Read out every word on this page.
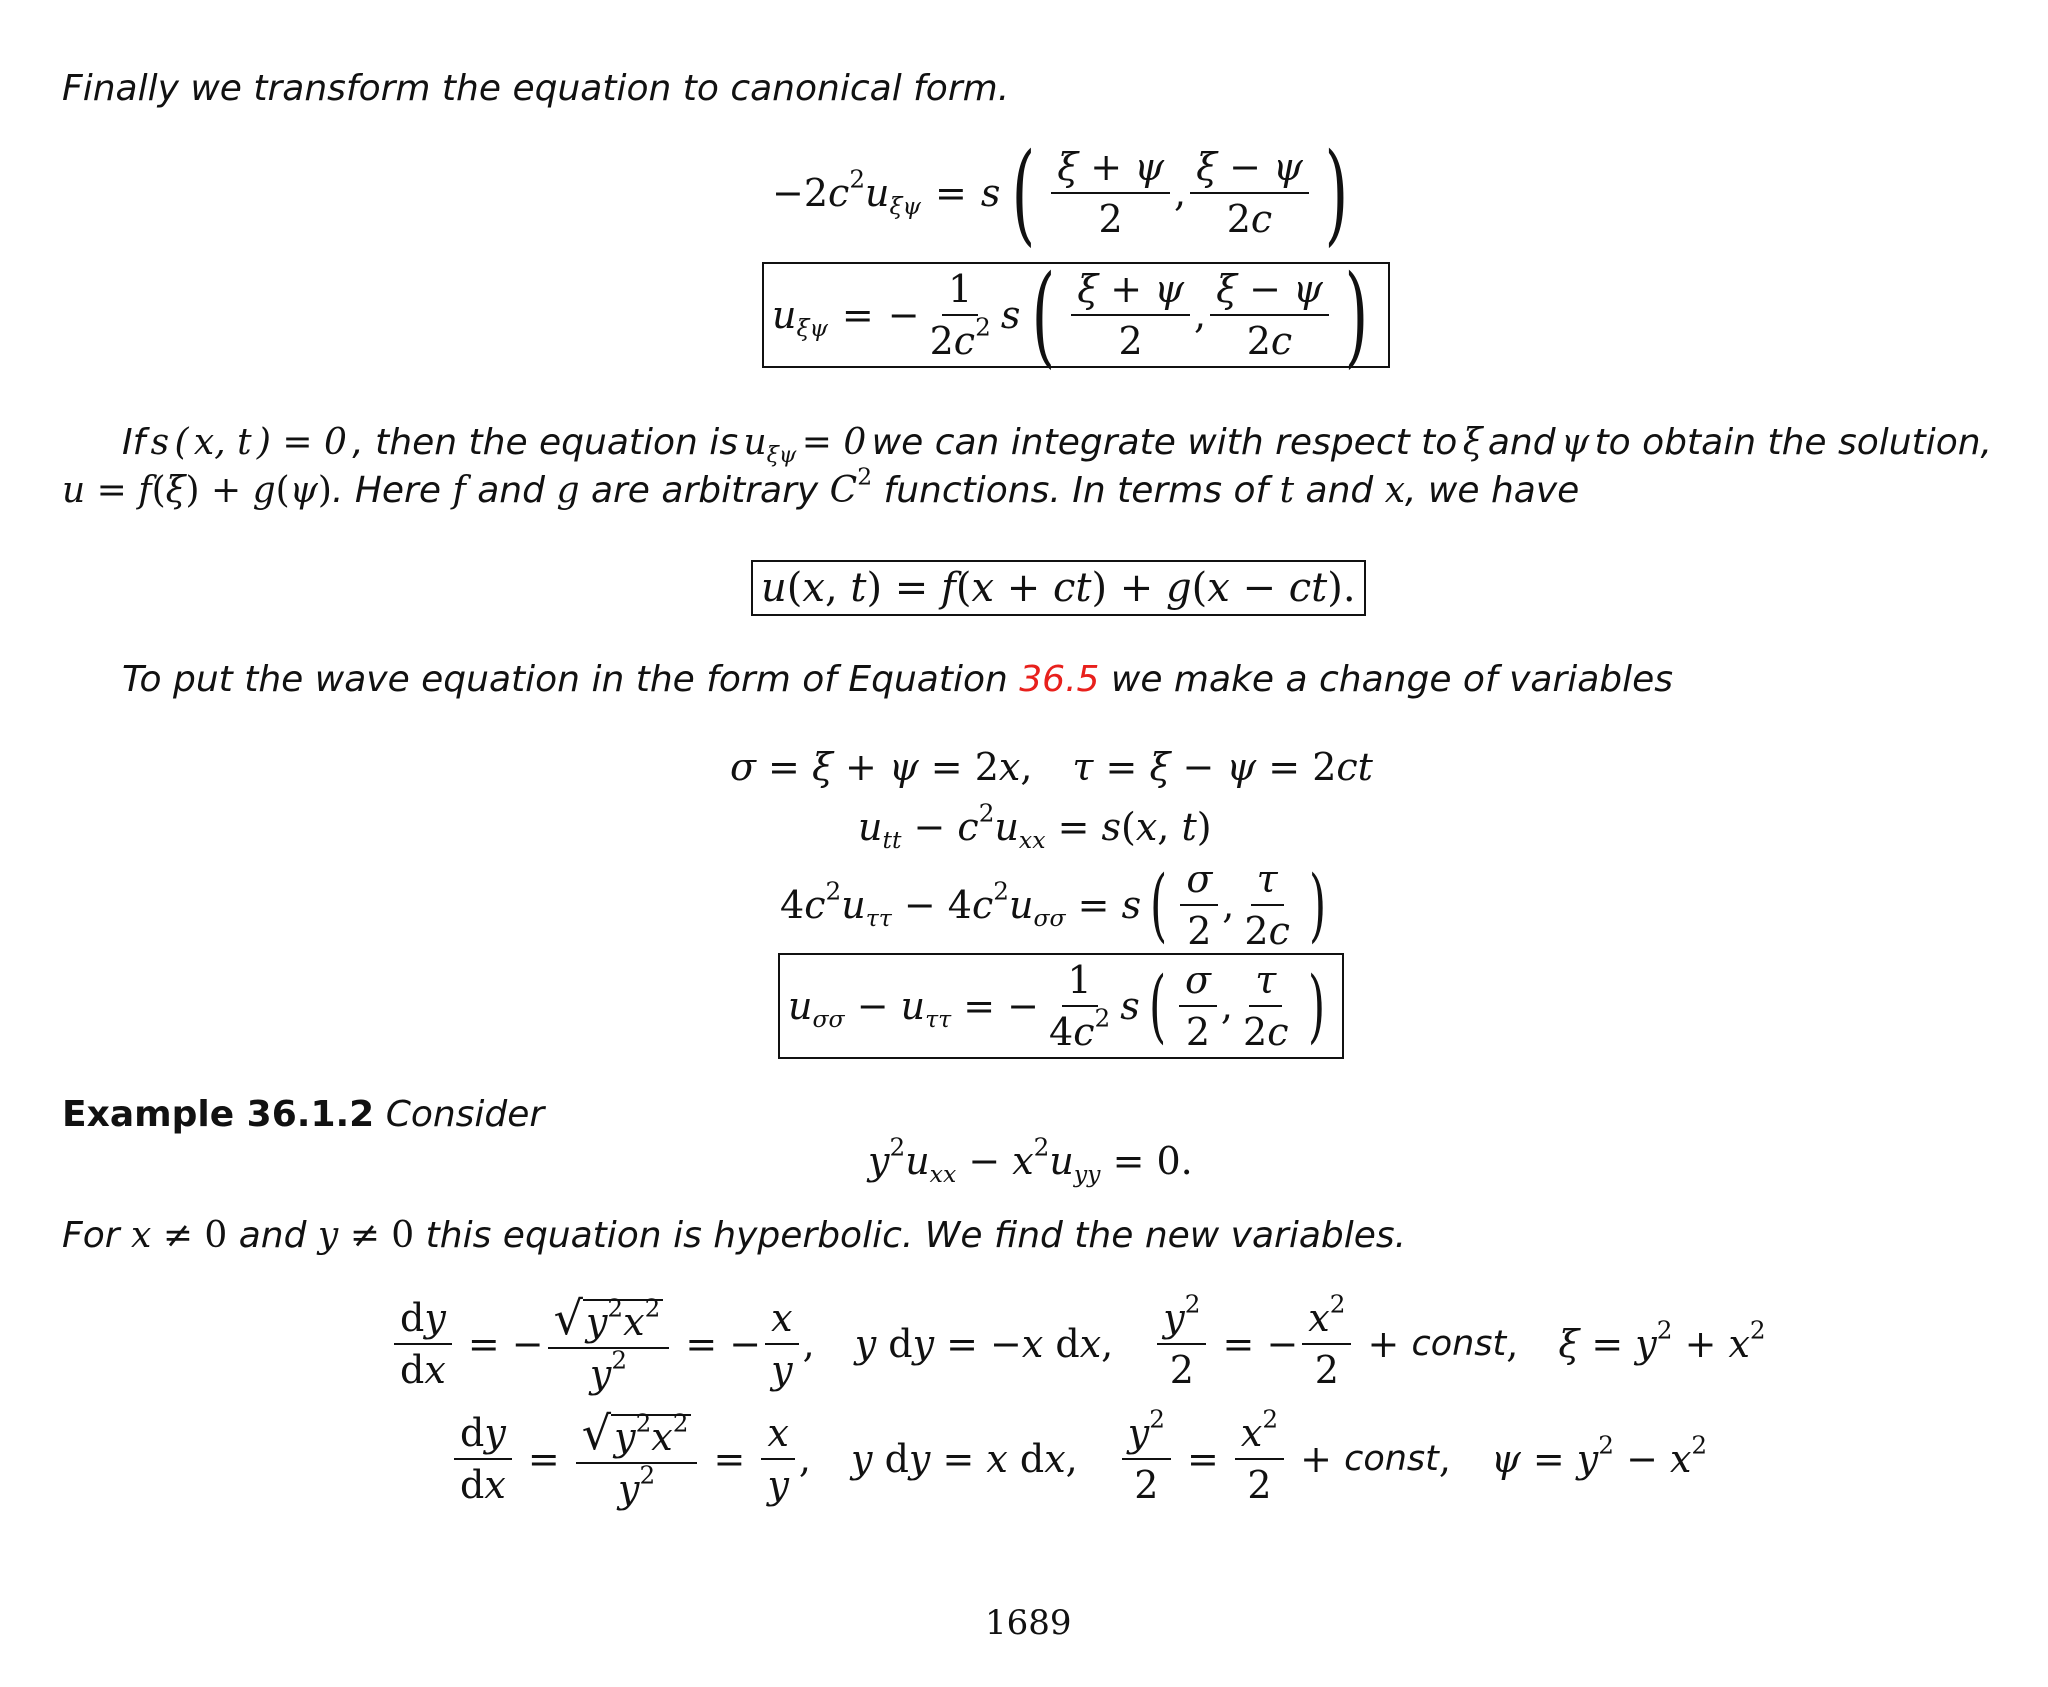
Finally we transform the equation to canonical form.
$-2c^2u_{\xi\psi} = s$ ( $\frac{\xi + \psi}{2}$ , $\frac{\xi - \psi}{2c}$ )
$u_{\xi\psi}$ = − $\frac{1}{2c^2}$ s ( $\frac{\xi + \psi}{2}$ , $\frac{\xi - \psi}{2c}$ )
If s ( x, t ) = 0 , then the equation is $u_{\xi\psi} = 0$ we can integrate with respect to ξ and ψ to obtain the solution,
u = f(ξ) + g(ψ). Here f and g are arbitrary $C^2$ functions. In terms of t and x, we have
u(x, t) = f(x + ct) + g(x − ct).
To put the wave equation in the form of Equation 36.5 we make a change of variables
σ = ξ + ψ = 2x, τ = ξ − ψ = 2ct
$u_{tt} - c^2u_{xx} = s(x$, t)
$4c^2u_{\tau\tau} - 4c^2u_{\sigma\sigma} = s$ ( $\frac{\sigma}{2}$ , $\frac{\tau}{2c}$ )
$u_{\sigma\sigma} - u_{\tau\tau}$ = − $\frac{1}{4c^2}$ s ( $\frac{\sigma}{2}$ , $\frac{\tau}{2c}$ )
Example 36.1.2 Consider
$y^2u_{xx} - x^2u_{yy} = 0$.
For x ≠ 0 and y ≠ 0 this equation is hyperbolic. We find the new variables.
$\frac{dy}{dx}$ = − $\frac{√ y^2x^2}{y^2}$ = − $\frac{x}{y}$ , y dy = −x dx, $\frac{y^2}{2}$ = − $\frac{x^2}{2}$ + const , $\xi = y^2 + x^2$
$\frac{dy}{dx} = \frac{√ y^2x^2}{y^2} = \frac{x}{y}$ , y dy = x dx, $\frac{y^2}{2} = \frac{x^2}{2}$ + const , $\psi = y^2 - x^2$
1689
